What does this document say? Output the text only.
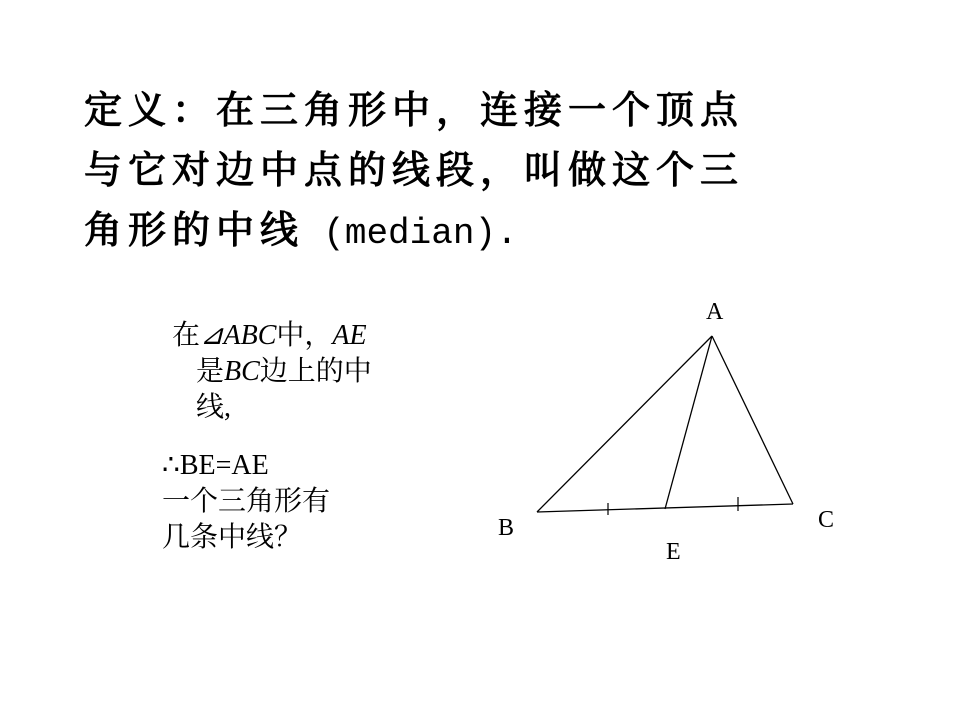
定义：在三角形中，连接一个顶点
与它对边中点的线段，叫做这个三
角形的中线 (median).
在⊿ABC中，AE
是BC边上的中
线,
∴BE=AE
一个三角形有
几条中线？
A
B	C
E
